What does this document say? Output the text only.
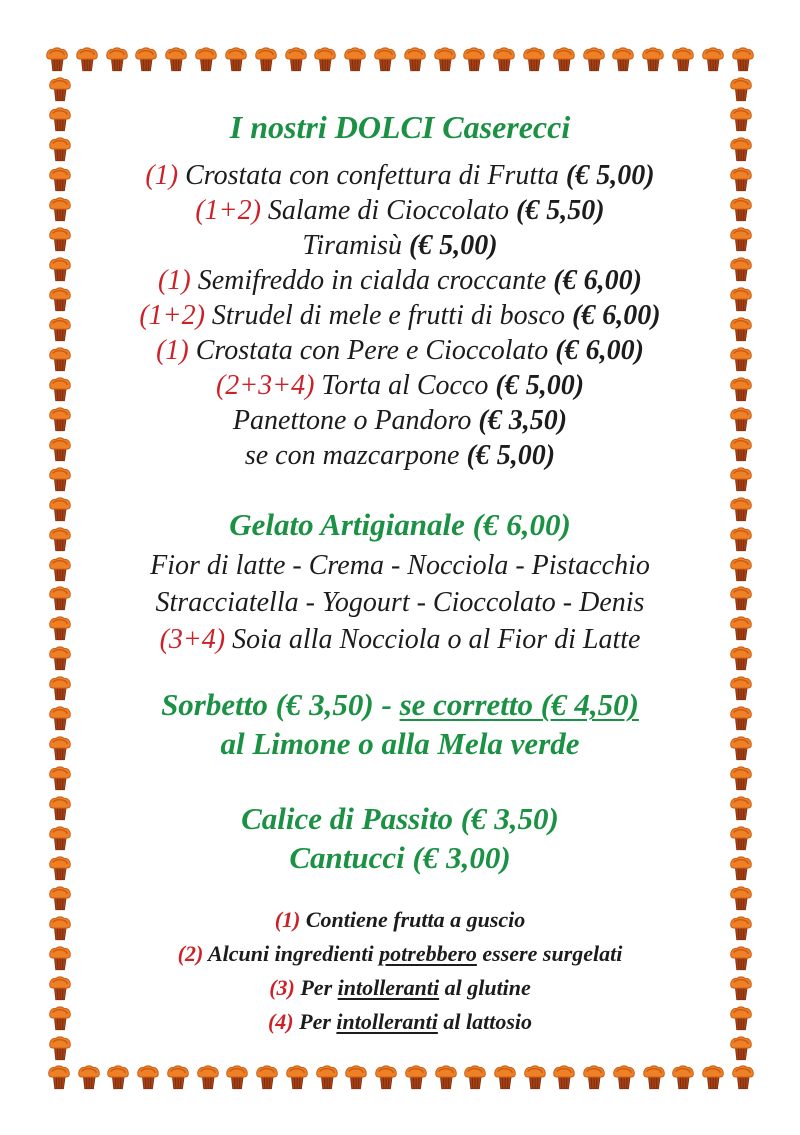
I nostri DOLCI Caserecci
(1) Crostata con confettura di Frutta (€ 5,00)
(1+2) Salame di Cioccolato (€ 5,50)
Tiramisù (€ 5,00)
(1) Semifreddo in cialda croccante (€ 6,00)
(1+2) Strudel di mele e frutti di bosco (€ 6,00)
(1) Crostata con Pere e Cioccolato (€ 6,00)
(2+3+4) Torta al Cocco (€ 5,00)
Panettone o Pandoro (€ 3,50)
se con mazcarpone (€ 5,00)
Gelato Artigianale (€ 6,00)
Fior di latte - Crema - Nocciola - Pistacchio
Stracciatella - Yogourt - Cioccolato - Denis
(3+4) Soia alla Nocciola o al Fior di Latte
Sorbetto (€ 3,50) - se corretto (€ 4,50)
al Limone o alla Mela verde
Calice di Passito (€ 3,50)
Cantucci (€ 3,00)
(1) Contiene frutta a guscio
(2) Alcuni ingredienti potrebbero essere surgelati
(3) Per intolleranti al glutine
(4) Per intolleranti al lattosio
